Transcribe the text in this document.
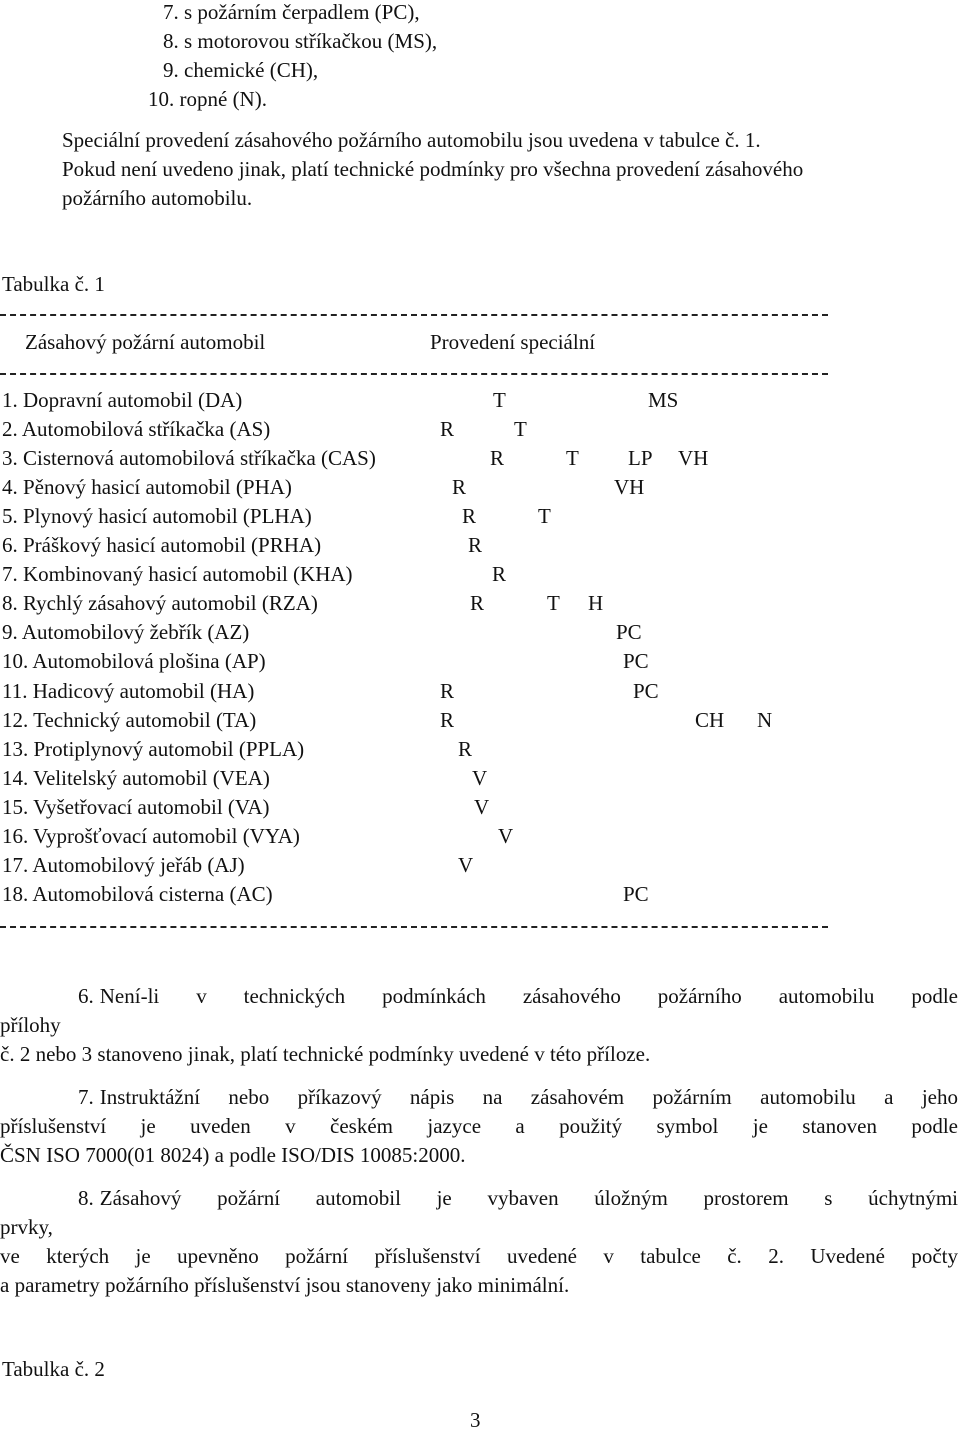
7. s požárním čerpadlem (PC),
8. s motorovou stříkačkou (MS),
9. chemické (CH),
10. ropné (N).
Speciální provedení zásahového požárního automobilu jsou uvedena v tabulce č. 1.
Pokud není uvedeno jinak, platí technické podmínky pro všechna provedení zásahového
požárního automobilu.
Tabulka č. 1
Zásahový požární automobil	Provedení speciální
1. Dopravní automobil (DA)	T	MS
2. Automobilová stříkačka (AS)	R	T
3. Cisternová automobilová stříkačka (CAS)	R	T LP VH
4. Pěnový hasicí automobil (PHA)	R	VH
5. Plynový hasicí automobil (PLHA)	R	T
6. Práškový hasicí automobil (PRHA)	R
7. Kombinovaný hasicí automobil (KHA)	R
8. Rychlý zásahový automobil (RZA)	R	T H
9. Automobilový žebřík (AZ)	PC
10. Automobilová plošina (AP)	PC
11. Hadicový automobil (HA)	R	PC
12. Technický automobil (TA)	R	CH N
13. Protiplynový automobil (PPLA)	R
14. Velitelský automobil (VEA)	V
15. Vyšetřovací automobil (VA)	V
16. Vyprošťovací automobil (VYA)	V
17. Automobilový jeřáb (AJ)	V
18. Automobilová cisterna (AC)	PC
6. Není-li v technických podmínkách zásahového požárního automobilu podle
přílohy
č. 2 nebo 3 stanoveno jinak, platí technické podmínky uvedené v této příloze.
7. Instruktážní nebo příkazový nápis na zásahovém požárním automobilu a jeho
příslušenství je uveden v českém jazyce a použitý symbol je stanoven podle
ČSN ISO 7000(01 8024) a podle ISO/DIS 10085:2000.
8. Zásahový požární automobil je vybaven úložným prostorem s úchytnými
prvky,
ve kterých je upevněno požární příslušenství uvedené v tabulce č. 2. Uvedené počty
a parametry požárního příslušenství jsou stanoveny jako minimální.
Tabulka č. 2
3
